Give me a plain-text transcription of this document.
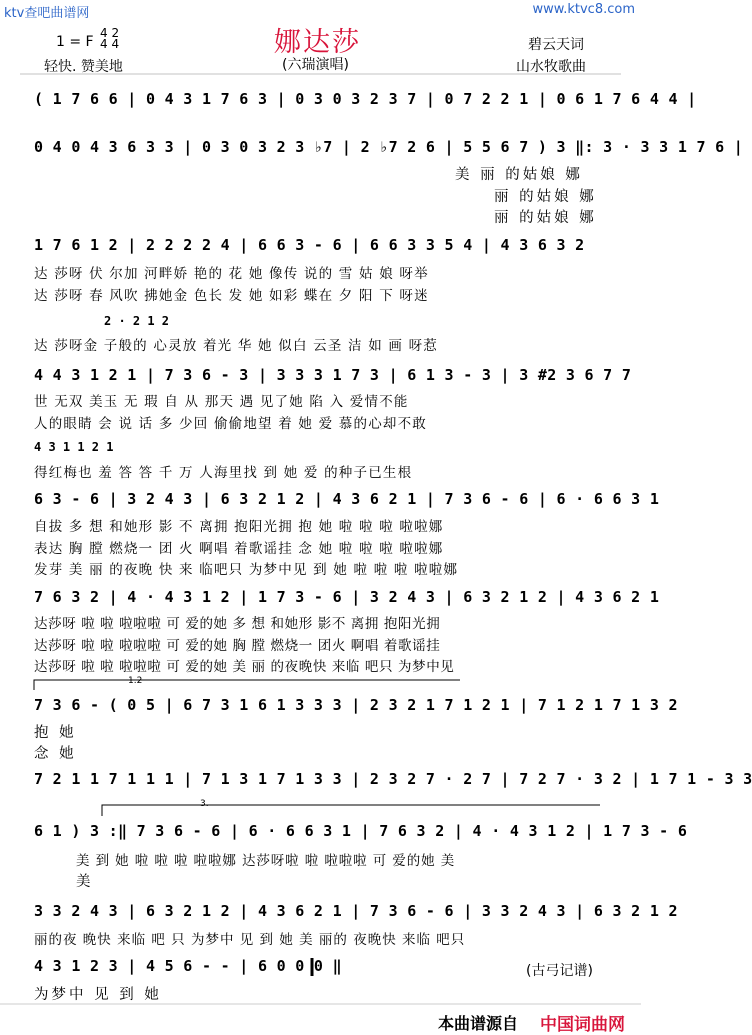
ktv查吧曲谱网	www.ktvc8.com
娜达莎
(六瑞演唱)
1 = F
4 2
4 4
轻快. 赞美地
碧云天词
山水牧歌曲
( 1 7 6 6 | 0 4 3 1 7 6 3 | 0 3 0 3 2 3 7 | 0 7 2 2 1 | 0 6 1 7 6 4 4 |
0 4 0 4 3 6 3 3 | 0 3 0 3 2 3 ♭7 | 2 ♭7 2 6 | 5 5 6 7 ) 3 ‖: 3 · 3 3 1 7 6 |
美 丽 的姑娘 娜
丽 的姑娘 娜
丽 的姑娘 娜
1 7 6 1 2 | 2 2 2 2 4 | 6 6 3 - 6 | 6 6 3 3 5 4 | 4 3 6 3 2
达 莎呀 伏 尔加 河畔娇 艳的 花 她 像传 说的 雪 姑 娘 呀举
达 莎呀 春 风吹 拂她金 色长 发 她 如彩 蝶在 夕 阳 下 呀迷
2 · 2 1 2
达 莎呀金 子般的 心灵放 着光 华 她 似白 云圣 洁 如 画 呀惹
4 4 3 1 2 1 | 7 3 6 - 3 | 3 3 3 1 7 3 | 6 1 3 - 3 | 3 #2 3 6 7 7
世 无双 美玉 无 瑕 自 从 那天 遇 见了她 陷 入 爱情不能
人的眼睛 会 说 话 多 少回 偷偷地望 着 她 爱 慕的心却不敢
4 3 1 1 2 1
得红梅也 羞 答 答 千 万 人海里找 到 她 爱 的种子已生根
6 3 - 6 | 3 2 4 3 | 6 3 2 1 2 | 4 3 6 2 1 | 7 3 6 - 6 | 6 · 6 6 3 1
自拔 多 想 和她形 影 不 离拥 抱阳光拥 抱 她 啦 啦 啦 啦啦娜
表达 胸 膛 燃烧一 团 火 啊唱 着歌谣挂 念 她 啦 啦 啦 啦啦娜
发芽 美 丽 的夜晚 快 来 临吧只 为梦中见 到 她 啦 啦 啦 啦啦娜
7 6 3 2 | 4 · 4 3 1 2 | 1 7 3 - 6 | 3 2 4 3 | 6 3 2 1 2 | 4 3 6 2 1
达莎呀 啦 啦 啦啦啦 可 爱的她 多 想 和她形 影不 离拥 抱阳光拥
达莎呀 啦 啦 啦啦啦 可 爱的她 胸 膛 燃烧一 团火 啊唱 着歌谣挂
达莎呀 啦 啦 啦啦啦 可 爱的她 美 丽 的夜晚快 来临 吧只 为梦中见
1.2
7 3 6 - ( 0 5 | 6 7 3 1 6 1 3 3 3 | 2 3 2 1 7 1 2 1 | 7 1 2 1 7 1 3 2
抱 她
念 她
7 2 1 1 7 1 1 1 | 7 1 3 1 7 1 3 3 | 2 3 2 7 · 2 7 | 7 2 7 · 3 2 | 1 7 1 - 3 3
3.
6 1 ) 3 :‖ 7 3 6 - 6 | 6 · 6 6 3 1 | 7 6 3 2 | 4 · 4 3 1 2 | 1 7 3 - 6
美 到 她 啦 啦 啦 啦啦娜 达莎呀啦 啦 啦啦啦 可 爱的她 美
美
3 3 2 4 3 | 6 3 2 1 2 | 4 3 6 2 1 | 7 3 6 - 6 | 3 3 2 4 3 | 6 3 2 1 2
丽的夜 晚快 来临 吧 只 为梦中 见 到 她 美 丽的 夜晚快 来临 吧只
4 3 1 2 3 | 4 5 6 - - | 6 0 0 0 ‖
为梦中 见 到 她
(古弓记谱)
本曲谱源自 中国词曲网
